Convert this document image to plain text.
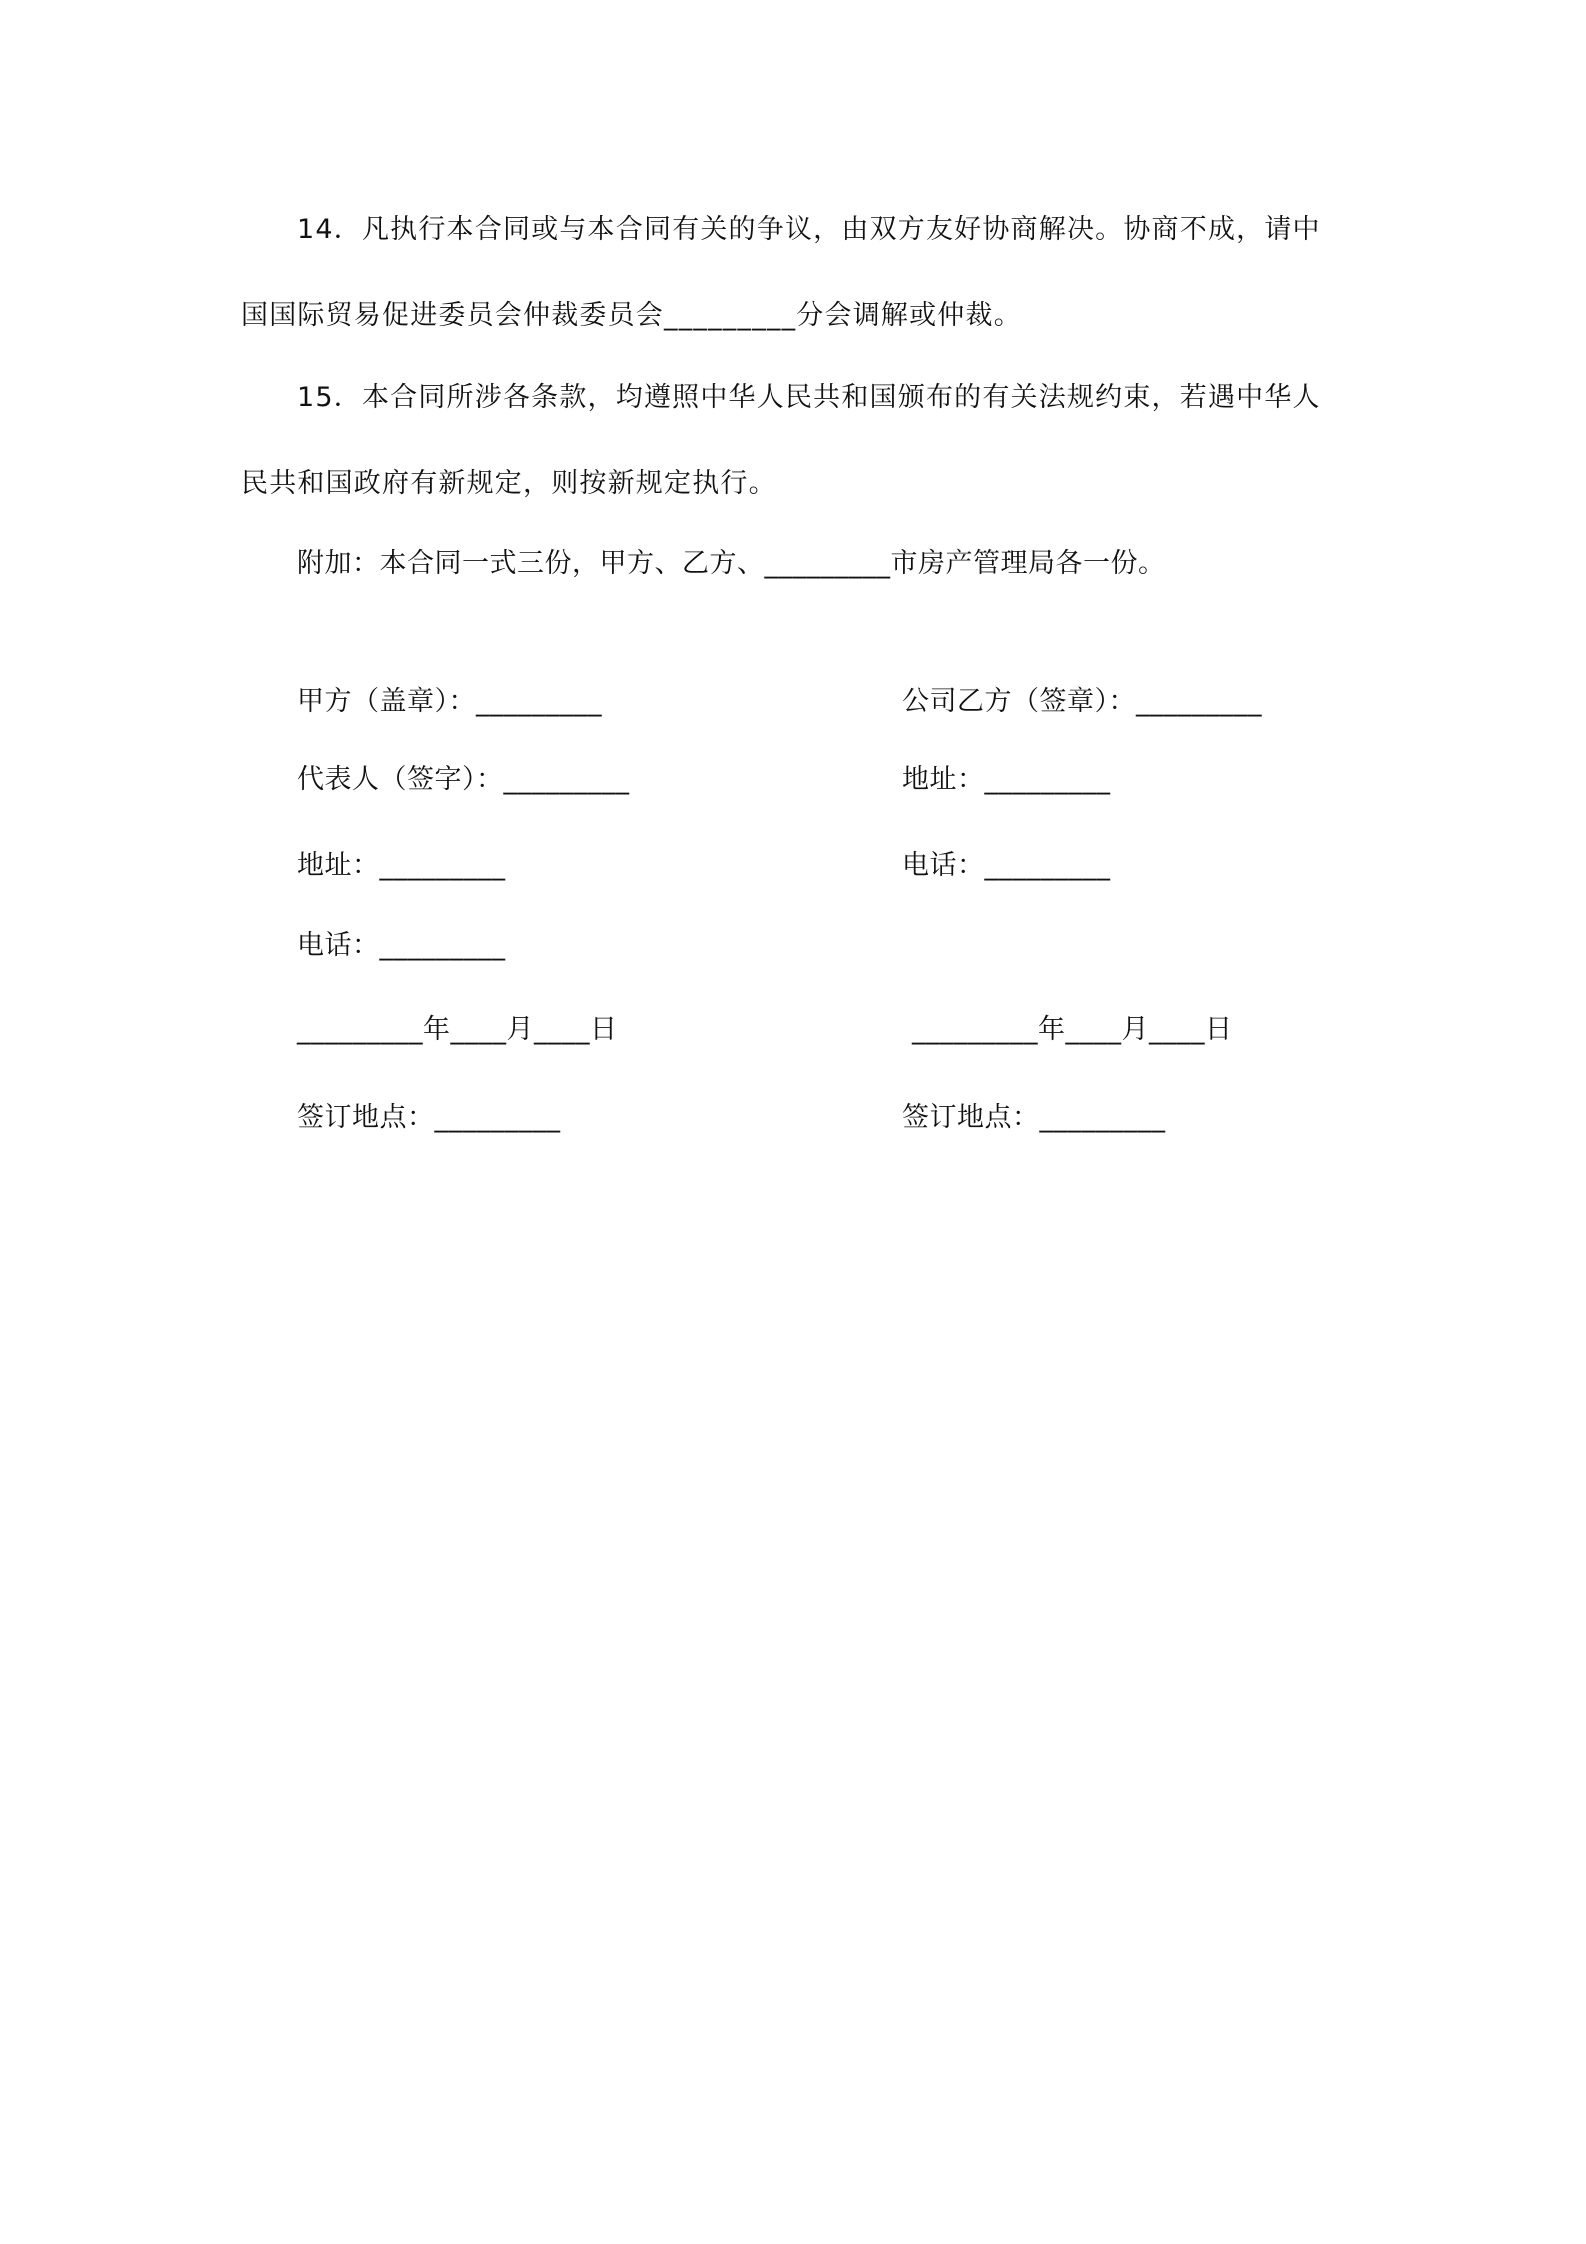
14．凡执行本合同或与本合同有关的争议，由双方友好协商解决。协商不成，请中国国际贸易促进委员会仲裁委员会_________分会调解或仲裁。
15．本合同所涉各条款，均遵照中华人民共和国颁布的有关法规约束，若遇中华人民共和国政府有新规定，则按新规定执行。
附加：本合同一式三份，甲方、乙方、_________市房产管理局各一份。
甲方（盖章）：_________
代表人（签字）：_________
地址：_________
电话：_________
_________年____月____日
签订地点：_________
公司乙方（签章）：_________
地址：_________
电话：_________
_________年____月____日
签订地点：_________
